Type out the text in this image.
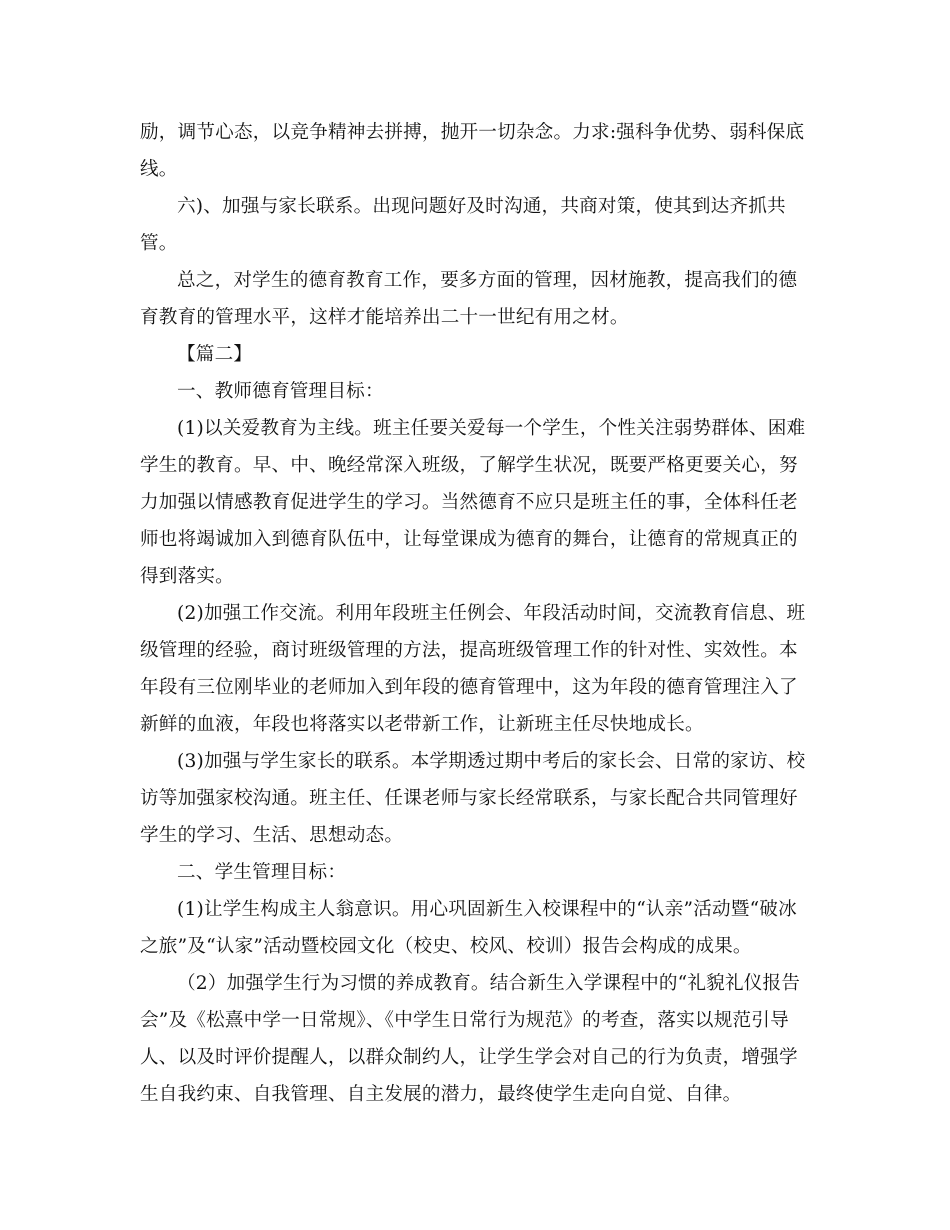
励，调节心态，以竞争精神去拼搏，抛开一切杂念。力求:强科争优势、弱科保底线。

六)、加强与家长联系。出现问题好及时沟通，共商对策，使其到达齐抓共管。

总之，对学生的德育教育工作，要多方面的管理，因材施教，提高我们的德育教育的管理水平，这样才能培养出二十一世纪有用之材。

【篇二】

一、教师德育管理目标：

(1)以关爱教育为主线。班主任要关爱每一个学生，个性关注弱势群体、困难学生的教育。早、中、晚经常深入班级，了解学生状况，既要严格更要关心，努力加强以情感教育促进学生的学习。当然德育不应只是班主任的事，全体科任老师也将竭诚加入到德育队伍中，让每堂课成为德育的舞台，让德育的常规真正的得到落实。

(2)加强工作交流。利用年段班主任例会、年段活动时间，交流教育信息、班级管理的经验，商讨班级管理的方法，提高班级管理工作的针对性、实效性。本年段有三位刚毕业的老师加入到年段的德育管理中，这为年段的德育管理注入了新鲜的血液，年段也将落实以老带新工作，让新班主任尽快地成长。

(3)加强与学生家长的联系。本学期透过期中考后的家长会、日常的家访、校访等加强家校沟通。班主任、任课老师与家长经常联系，与家长配合共同管理好学生的学习、生活、思想动态。

二、学生管理目标：

(1)让学生构成主人翁意识。用心巩固新生入校课程中的“认亲”活动暨“破冰之旅”及“认家”活动暨校园文化（校史、校风、校训）报告会构成的成果。

（2）加强学生行为习惯的养成教育。结合新生入学课程中的“礼貌礼仪报告会”及《松熹中学一日常规》、《中学生日常行为规范》的考查，落实以规范引导人、以及时评价提醒人，以群众制约人，让学生学会对自己的行为负责，增强学生自我约束、自我管理、自主发展的潜力，最终使学生走向自觉、自律。
